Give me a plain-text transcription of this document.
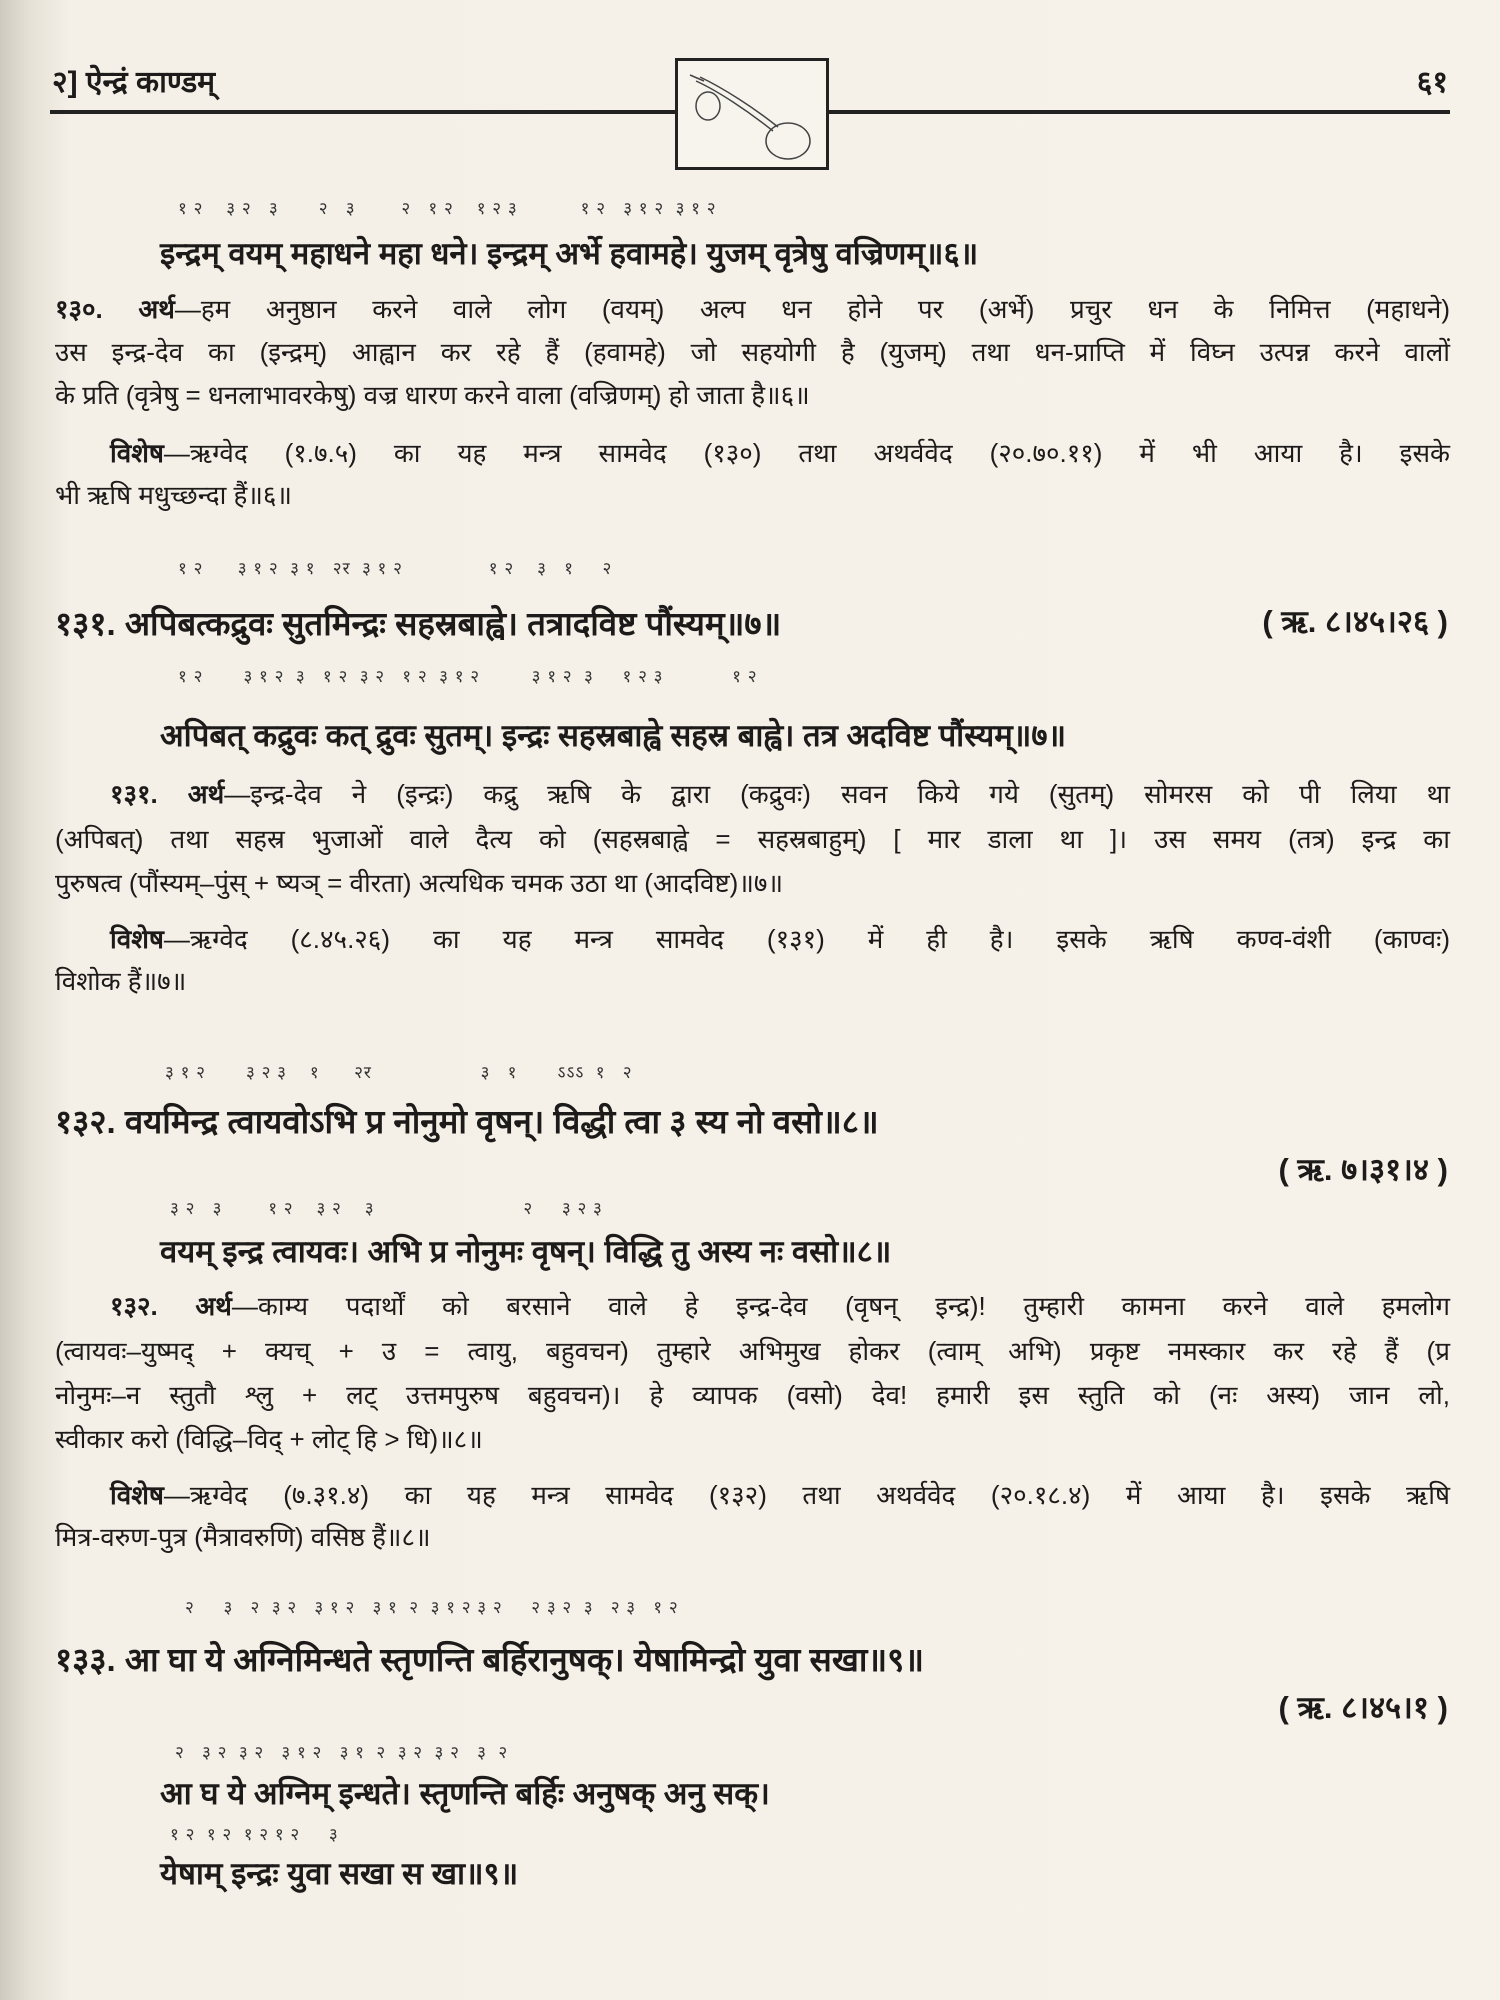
२] ऐन्द्रं काण्डम्	६१
१ २    ३ २   ३       २   ३        २   १ २    १ २ ३           १ २   ३ १ २  ३ १ २
इन्द्रम् वयम् महाधने महा धने। इन्द्रम् अर्भे हवामहे। युजम् वृत्रेषु वज्रिणम्॥६॥
१३०. अर्थ—हम अनुष्ठान करने वाले लोग (वयम्) अल्प धन होने पर (अर्भे) प्रचुर धन के निमित्त (महाधने)
उस इन्द्र-देव का (इन्द्रम्) आह्वान कर रहे हैं (हवामहे) जो सहयोगी है (युजम्) तथा धन-प्राप्ति में विघ्न उत्पन्न करने वालों
के प्रति (वृत्रेषु = धनलाभावरकेषु) वज्र धारण करने वाला (वज्रिणम्) हो जाता है॥६॥
विशेष—ऋग्वेद (१.७.५) का यह मन्त्र सामवेद (१३०) तथा अथर्ववेद (२०.७०.११) में भी आया है। इसके
भी ऋषि मधुच्छन्दा हैं॥६॥
१ २      ३ १ २  ३ १   २र  ३ १ २               १ २    ३   १     २
१३१. अपिबत्कद्रुवः सुतमिन्द्रः सहस्रबाह्वे। तत्रादविष्ट पौंस्यम्॥७॥	( ऋ. ८।४५।२६ )
१ २       ३ १ २  ३   १ २  ३ २   १ २  ३ १ २         ३ १ २  ३     १ २ ३            १ २
अपिबत् कद्रुवः कत् द्रुवः सुतम्। इन्द्रः सहस्रबाह्वे सहस्र बाह्वे। तत्र अदविष्ट पौंस्यम्॥७॥
१३१. अर्थ—इन्द्र-देव ने (इन्द्रः) कद्रु ऋषि के द्वारा (कद्रुवः) सवन किये गये (सुतम्) सोमरस को पी लिया था
(अपिबत्) तथा सहस्र भुजाओं वाले दैत्य को (सहस्रबाह्वे = सहस्रबाहुम्) [ मार डाला था ]। उस समय (तत्र) इन्द्र का
पुरुषत्व (पौंस्यम्–पुंस् + ष्यञ् = वीरता) अत्यधिक चमक उठा था (आदविष्ट)॥७॥
विशेष—ऋग्वेद (८.४५.२६) का यह मन्त्र सामवेद (१३१) में ही है। इसके ऋषि कण्व-वंशी (काण्वः)
विशोक हैं॥७॥
३ १ २       ३ २ ३    १      २र                   ३   १       ऽऽऽ  १   २
१३२. वयमिन्द्र त्वायवोऽभि प्र नोनुमो वृषन्। विद्धी त्वा ३ स्य नो वसो॥८॥
( ऋ. ७।३१।४ )
३ २   ३        १ २    ३ २    ३                          २     ३ २ ३
वयम् इन्द्र त्वायवः। अभि प्र नोनुमः वृषन्। विद्धि तु अस्य नः वसो॥८॥
१३२. अर्थ—काम्य पदार्थों को बरसाने वाले हे इन्द्र-देव (वृषन् इन्द्र)! तुम्हारी कामना करने वाले हमलोग
(त्वायवः–युष्मद् + क्यच् + उ = त्वायु, बहुवचन) तुम्हारे अभिमुख होकर (त्वाम् अभि) प्रकृष्ट नमस्कार कर रहे हैं (प्र
नोनुमः–न स्तुतौ श्लु + लट् उत्तमपुरुष बहुवचन)। हे व्यापक (वसो) देव! हमारी इस स्तुति को (नः अस्य) जान लो,
स्वीकार करो (विद्धि–विद् + लोट् हि > धि)॥८॥
विशेष—ऋग्वेद (७.३१.४) का यह मन्त्र सामवेद (१३२) तथा अथर्ववेद (२०.१८.४) में आया है। इसके ऋषि
मित्र-वरुण-पुत्र (मैत्रावरुणि) वसिष्ठ हैं॥८॥
२     ३   २  ३ २   ३ १ २   ३ १  २  ३ १ २ ३ २     २ ३ २  ३   २ ३   १ २
१३३. आ घा ये अग्निमिन्धते स्तृणन्ति बर्हिरानुषक्। येषामिन्द्रो युवा सखा॥९॥
( ऋ. ८।४५।१ )
२   ३ २  ३ २   ३ १ २   ३ १  २  ३ २  ३ २   ३  २
आ घ ये अग्निम् इन्धते। स्तृणन्ति बर्हिः अनुषक् अनु सक्।
१ २  १ २  १ २ १ २     ३
येषाम् इन्द्रः युवा सखा स खा॥९॥
